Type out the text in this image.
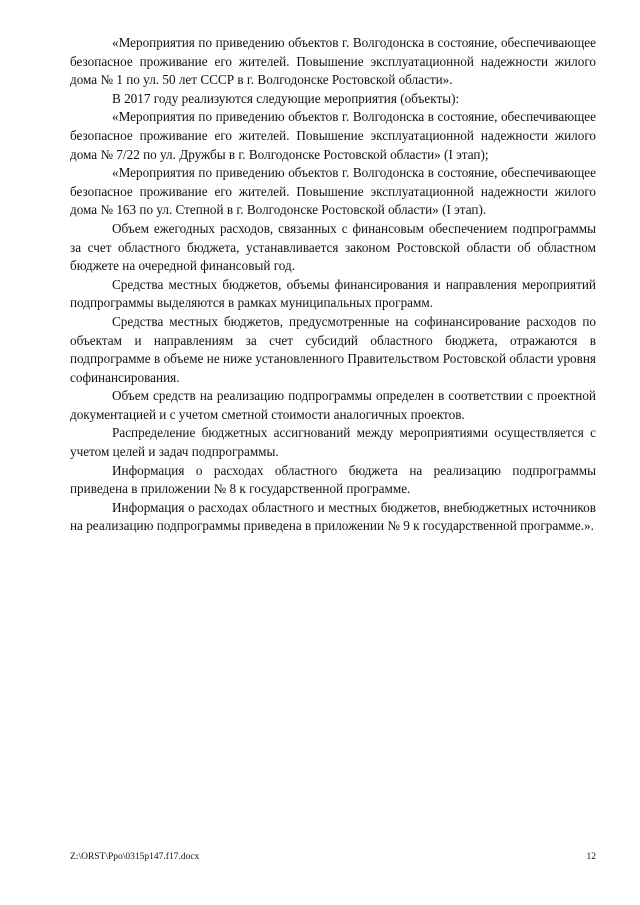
«Мероприятия по приведению объектов г. Волгодонска в состояние, обеспечивающее безопасное проживание его жителей. Повышение эксплуатационной надежности жилого дома № 1 по ул. 50 лет СССР в г. Волгодонске Ростовской области».

В 2017 году реализуются следующие мероприятия (объекты):

«Мероприятия по приведению объектов г. Волгодонска в состояние, обеспечивающее безопасное проживание его жителей. Повышение эксплуатационной надежности жилого дома № 7/22 по ул. Дружбы в г. Волгодонске Ростовской области» (I этап);

«Мероприятия по приведению объектов г. Волгодонска в состояние, обеспечивающее безопасное проживание его жителей. Повышение эксплуатационной надежности жилого дома № 163 по ул. Степной в г. Волгодонске Ростовской области» (I этап).

Объем ежегодных расходов, связанных с финансовым обеспечением подпрограммы за счет областного бюджета, устанавливается законом Ростовской области об областном бюджете на очередной финансовый год.

Средства местных бюджетов, объемы финансирования и направления мероприятий подпрограммы выделяются в рамках муниципальных программ.

Средства местных бюджетов, предусмотренные на софинансирование расходов по объектам и направлениям за счет субсидий областного бюджета, отражаются в подпрограмме в объеме не ниже установленного Правительством Ростовской области уровня софинансирования.

Объем средств на реализацию подпрограммы определен в соответствии с проектной документацией и с учетом сметной стоимости аналогичных проектов.

Распределение бюджетных ассигнований между мероприятиями осуществляется с учетом целей и задач подпрограммы.

Информация о расходах областного бюджета на реализацию подпрограммы приведена в приложении № 8 к государственной программе.

Информация о расходах областного и местных бюджетов, внебюджетных источников на реализацию подпрограммы приведена в приложении № 9 к государственной программе.».

Z:\ORST\Ppo\0315p147.f17.docx	12
